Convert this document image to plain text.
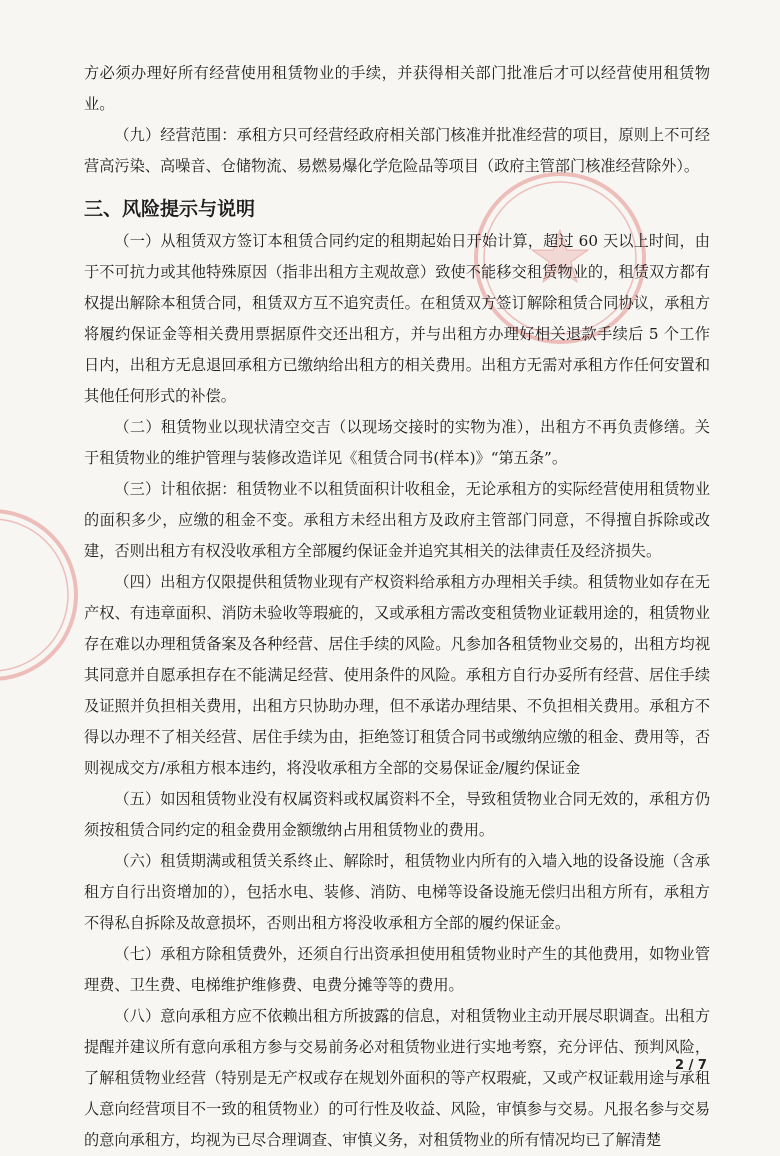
方必须办理好所有经营使用租赁物业的手续，并获得相关部门批准后才可以经营使用租赁物业。

（九）经营范围：承租方只可经营经政府相关部门核准并批准经营的项目，原则上不可经营高污染、高噪音、仓储物流、易燃易爆化学危险品等项目（政府主管部门核准经营除外）。

三、风险提示与说明

（一）从租赁双方签订本租赁合同约定的租期起始日开始计算，超过 60 天以上时间，由于不可抗力或其他特殊原因（指非出租方主观故意）致使不能移交租赁物业的，租赁双方都有权提出解除本租赁合同，租赁双方互不追究责任。在租赁双方签订解除租赁合同协议，承租方将履约保证金等相关费用票据原件交还出租方，并与出租方办理好相关退款手续后 5 个工作日内，出租方无息退回承租方已缴纳给出租方的相关费用。出租方无需对承租方作任何安置和其他任何形式的补偿。

（二）租赁物业以现状清空交吉（以现场交接时的实物为准），出租方不再负责修缮。关于租赁物业的维护管理与装修改造详见《租赁合同书(样本)》“第五条”。

（三）计租依据：租赁物业不以租赁面积计收租金，无论承租方的实际经营使用租赁物业的面积多少，应缴的租金不变。承租方未经出租方及政府主管部门同意，不得擅自拆除或改建，否则出租方有权没收承租方全部履约保证金并追究其相关的法律责任及经济损失。

（四）出租方仅限提供租赁物业现有产权资料给承租方办理相关手续。租赁物业如存在无产权、有违章面积、消防未验收等瑕疵的，又或承租方需改变租赁物业证载用途的，租赁物业存在难以办理租赁备案及各种经营、居住手续的风险。凡参加各租赁物业交易的，出租方均视其同意并自愿承担存在不能满足经营、使用条件的风险。承租方自行办妥所有经营、居住手续及证照并负担相关费用，出租方只协助办理，但不承诺办理结果、不负担相关费用。承租方不得以办理不了相关经营、居住手续为由，拒绝签订租赁合同书或缴纳应缴的租金、费用等，否则视成交方/承租方根本违约，将没收承租方全部的交易保证金/履约保证金

（五）如因租赁物业没有权属资料或权属资料不全，导致租赁物业合同无效的，承租方仍须按租赁合同约定的租金费用金额缴纳占用租赁物业的费用。

（六）租赁期满或租赁关系终止、解除时，租赁物业内所有的入墙入地的设备设施（含承租方自行出资增加的），包括水电、装修、消防、电梯等设备设施无偿归出租方所有，承租方不得私自拆除及故意损坏，否则出租方将没收承租方全部的履约保证金。

（七）承租方除租赁费外，还须自行出资承担使用租赁物业时产生的其他费用，如物业管理费、卫生费、电梯维护维修费、电费分摊等等的费用。

（八）意向承租方应不依赖出租方所披露的信息，对租赁物业主动开展尽职调查。出租方提醒并建议所有意向承租方参与交易前务必对租赁物业进行实地考察，充分评估、预判风险，了解租赁物业经营（特别是无产权或存在规划外面积的等产权瑕疵，又或产权证载用途与承租人意向经营项目不一致的租赁物业）的可行性及收益、风险，审慎参与交易。凡报名参与交易的意向承租方，均视为已尽合理调查、审慎义务，对租赁物业的所有情况均已了解清楚

2 / 7
